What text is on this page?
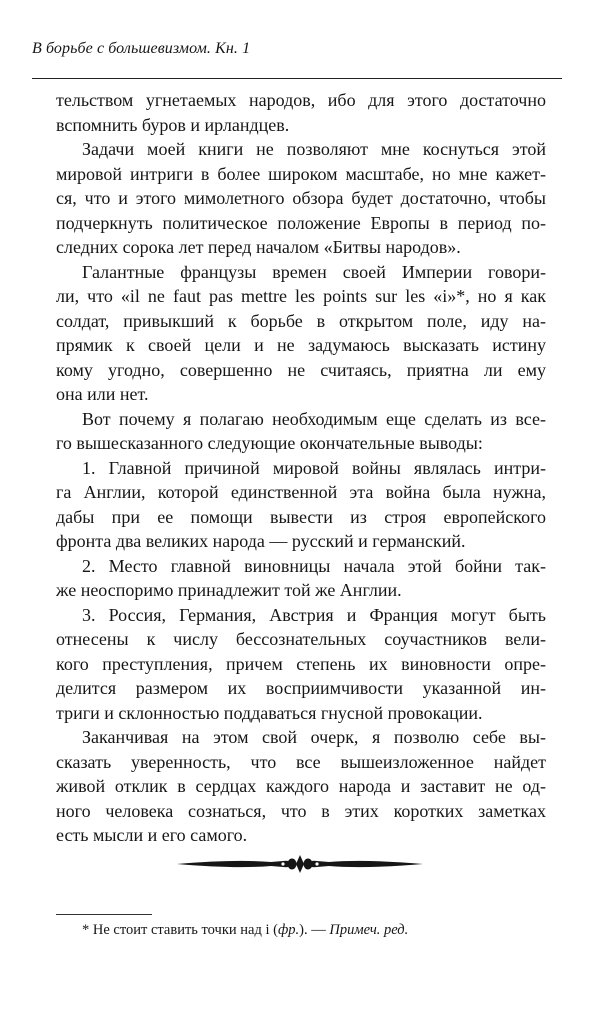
В борьбе с большевизмом. Кн. 1
тельством угнетаемых народов, ибо для этого достаточно
вспомнить буров и ирландцев.
Задачи моей книги не позволяют мне коснуться этой
мировой интриги в более широком масштабе, но мне кажет-
ся, что и этого мимолетного обзора будет достаточно, чтобы
подчеркнуть политическое положение Европы в период по-
следних сорока лет перед началом «Битвы народов».
Галантные французы времен своей Империи говори-
ли, что «il ne faut pas mettre les points sur les «i»*, но я как
солдат, привыкший к борьбе в открытом поле, иду на-
прямик к своей цели и не задумаюсь высказать истину
кому угодно, совершенно не считаясь, приятна ли ему
она или нет.
Вот почему я полагаю необходимым еще сделать из все-
го вышесказанного следующие окончательные выводы:
1. Главной причиной мировой войны являлась интри-
га Англии, которой единственной эта война была нужна,
дабы при ее помощи вывести из строя европейского
фронта два великих народа — русский и германский.
2. Место главной виновницы начала этой бойни так-
же неоспоримо принадлежит той же Англии.
3. Россия, Германия, Австрия и Франция могут быть
отнесены к числу бессознательных соучастников вели-
кого преступления, причем степень их виновности опре-
делится размером их восприимчивости указанной ин-
триги и склонностью поддаваться гнусной провокации.
Заканчивая на этом свой очерк, я позволю себе вы-
сказать уверенность, что все вышеизложенное найдет
живой отклик в сердцах каждого народа и заставит не од-
ного человека сознаться, что в этих коротких заметках
есть мысли и его самого.
* Не стоит ставить точки над i (фр.). — Примеч. ред.
